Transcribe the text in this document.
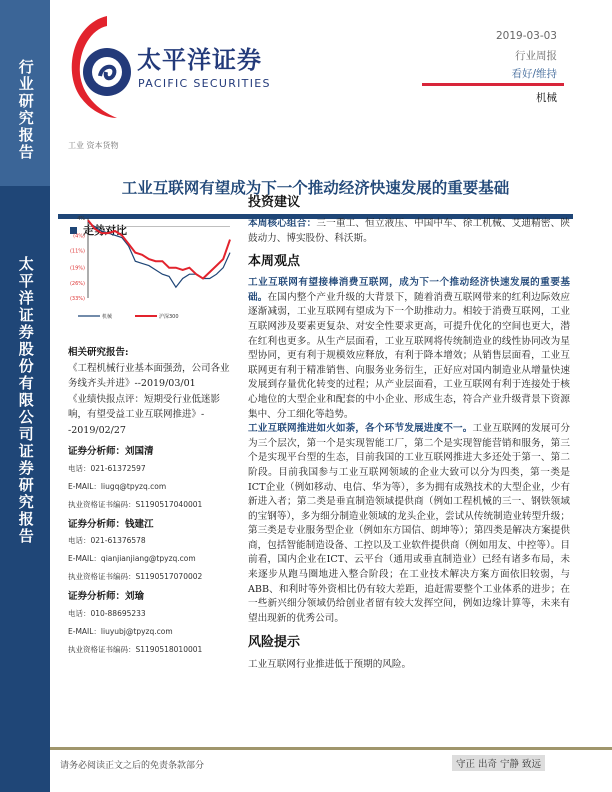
行业研究报告
太平洋证券股份有限公司证券研究报告
太平洋证券
PACIFIC SECURITIES
2019-03-03
行业周报
看好/维持
机械
工业 资本货物
工业互联网有望成为下一个推动经济快速发展的重要基础
走势对比
4%
(4%)
(11%)
(19%)
(26%)
(33%)
机械	沪深300
相关研究报告:
《工程机械行业基本面强劲，公司各业务线齐头并进》--2019/03/01
《业绩快报点评：短期受行业低迷影响，有望受益工业互联网推进》--2019/02/27
证券分析师：刘国清
电话：021-61372597
E-MAIL：liugq@tpyzq.com
执业资格证书编码：S1190517040001
证券分析师：钱建江
电话：021-61376578
E-MAIL：qianjianjiang@tpyzq.com
执业资格证书编码：S1190517070002
证券分析师：刘瑜
电话：010-88695233
E-MAIL：liuyubj@tpyzq.com
执业资格证书编码：S1190518010001
投资建议
本周核心组合：三一重工、恒立液压、中国中车、徐工机械、艾迪精密、陕鼓动力、博实股份、科沃斯。
本周观点
工业互联网有望接棒消费互联网，成为下一个推动经济快速发展的重要基础。在国内整个产业升级的大背景下，随着消费互联网带来的红利边际效应逐渐减弱，工业互联网有望成为下一个助推动力。相较于消费互联网，工业互联网涉及要素更复杂、对安全性要求更高，可提升优化的空间也更大，潜在红利也更多。从生产层面看，工业互联网将传统制造业的线性协同改为星型协同，更有利于规模效应释放，有利于降本增效；从销售层面看，工业互联网更有利于精准销售、向服务业务衍生，正好应对国内制造业从增量快速发展到存量优化转变的过程；从产业层面看，工业互联网有利于连接处于核心地位的大型企业和配套的中小企业、形成生态，符合产业升级背景下资源集中、分工细化等趋势。
工业互联网推进如火如荼，各个环节发展进度不一。工业互联网的发展可分为三个层次，第一个是实现智能工厂，第二个是实现智能营销和服务，第三个是实现平台型的生态，目前我国的工业互联网推进大多还处于第一、第二阶段。目前我国参与工业互联网领域的企业大致可以分为四类，第一类是ICT企业（例如移动、电信、华为等），多为拥有成熟技术的大型企业，少有新进入者；第二类是垂直制造领域提供商（例如工程机械的三一、钢铁领域的宝钢等），多为细分制造业领域的龙头企业，尝试从传统制造业转型升级；第三类是专业服务型企业（例如东方国信、朗坤等）；第四类是解决方案提供商，包括智能制造设备、工控以及工业软件提供商（例如用友、中控等）。目前看，国内企业在ICT、云平台（通用或垂直制造业）已经有诸多布局，未来逐步从跑马圈地进入整合阶段；在工业技术解决方案方面依旧较弱，与ABB、和利时等外资相比仍有较大差距，追赶需要整个工业体系的进步；在一些新兴细分领域仍给创业者留有较大发挥空间，例如边缘计算等，未来有望出现新的优秀公司。
风险提示
工业互联网行业推进低于预期的风险。
请务必阅读正文之后的免责条款部分	守正 出奇 宁静 致远
